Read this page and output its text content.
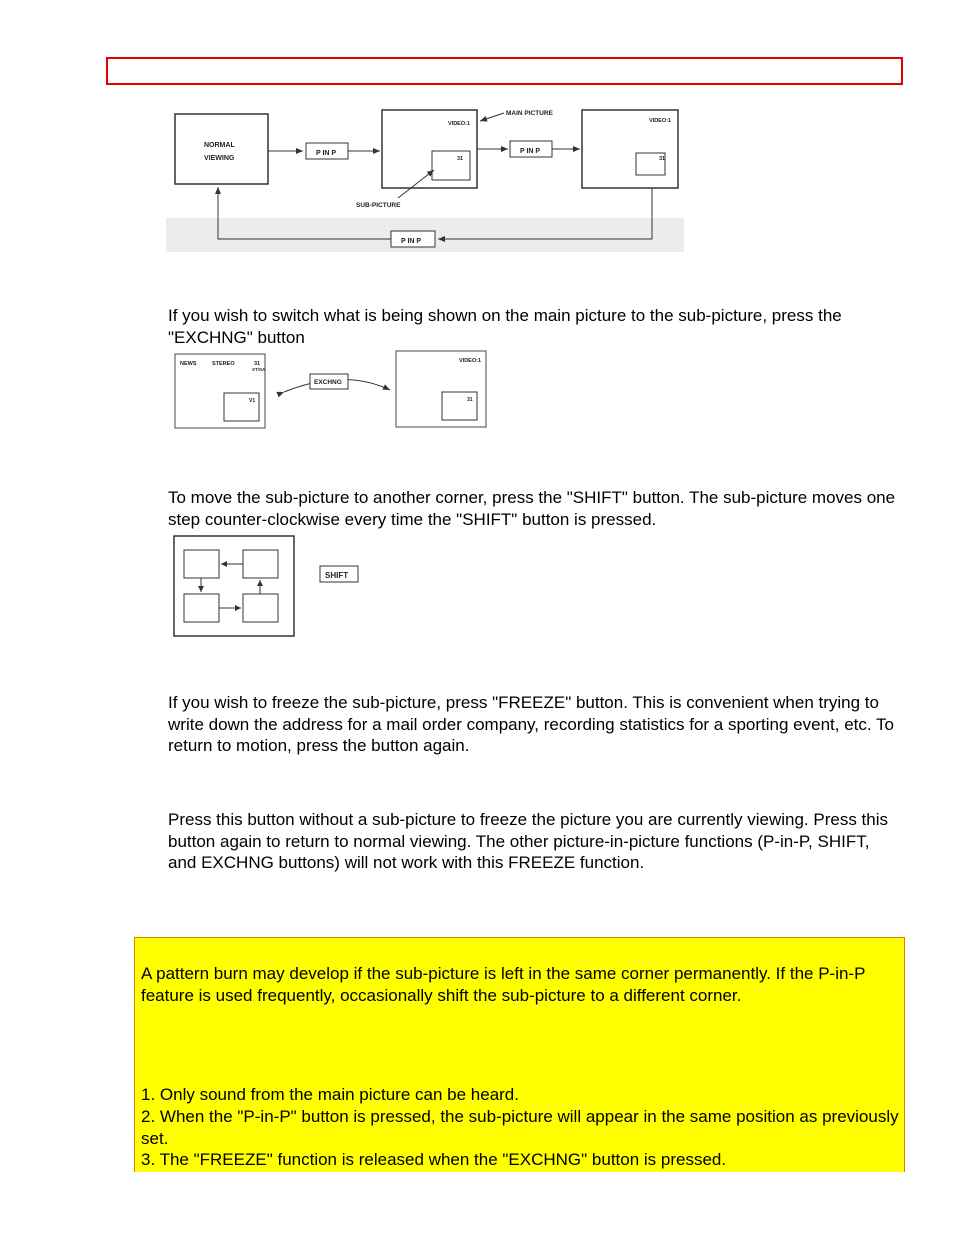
NORMAL
VIEWING
P IN P
VIDEO:1
31
MAIN PICTURE
SUB-PICTURE
P IN P
VIDEO:1
31
P IN P

If you wish to switch what is being shown on the main picture to the sub-picture, press the "EXCHNG" button

NEWS	STEREO	31
ST/SA
V1
EXCHNG
VIDEO:1
31

To move the sub-picture to another corner, press the "SHIFT" button. The sub-picture moves one step counter-clockwise every time the "SHIFT" button is pressed.

SHIFT

If you wish to freeze the sub-picture, press "FREEZE" button. This is convenient when trying to write down the address for a mail order company, recording statistics for a sporting event, etc. To return to motion, press the button again.

Press this button without a sub-picture to freeze the picture you are currently viewing. Press this button again to return to normal viewing. The other picture-in-picture functions (P-in-P, SHIFT, and EXCHNG buttons) will not work with this FREEZE function.

A pattern burn may develop if the sub-picture is left in the same corner permanently. If the P-in-P feature is used frequently, occasionally shift the sub-picture to a different corner.

1. Only sound from the main picture can be heard.

2. When the "P-in-P" button is pressed, the sub-picture will appear in the same position as previously set.

3. The "FREEZE" function is released when the "EXCHNG" button is pressed.
